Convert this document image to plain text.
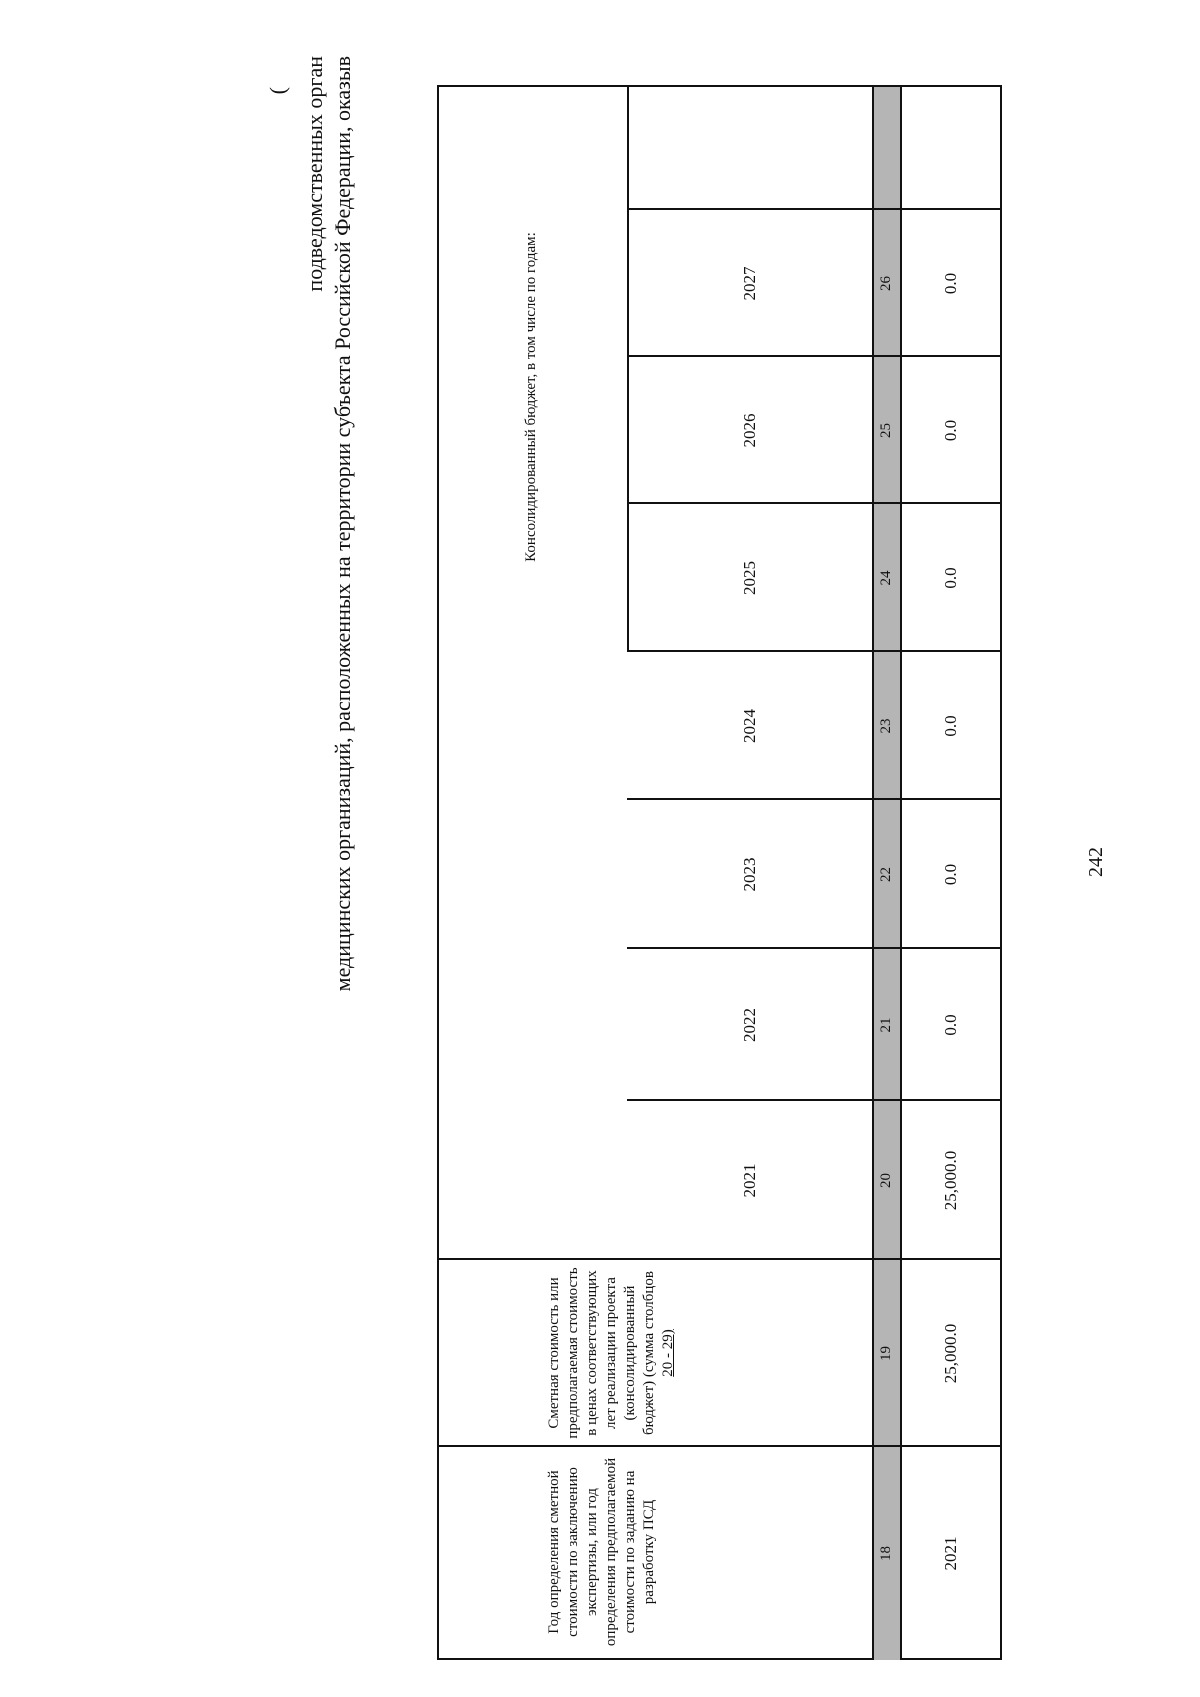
( подведомственных орган медицинских организаций, расположенных на территории субъекта Российской Федерации, оказыв
Год определения сметной стоимости по заключению экспертизы, или год определения предполагаемой стоимости по заданию на разработку ПСД
Сметная стоимость или предполагаемая стоимость в ценах соответствующих лет реализации проекта (консолидированный бюджет) (сумма столбцов 20 - 29)
Консолидированный бюджет, в том числе по годам:
2021
2022
2023
2024
2025
2026
2027
18
19
20
21
22
23
24
25
26
2021
25,000.0
25,000.0
0.0
0.0
0.0
0.0
0.0
0.0
242
